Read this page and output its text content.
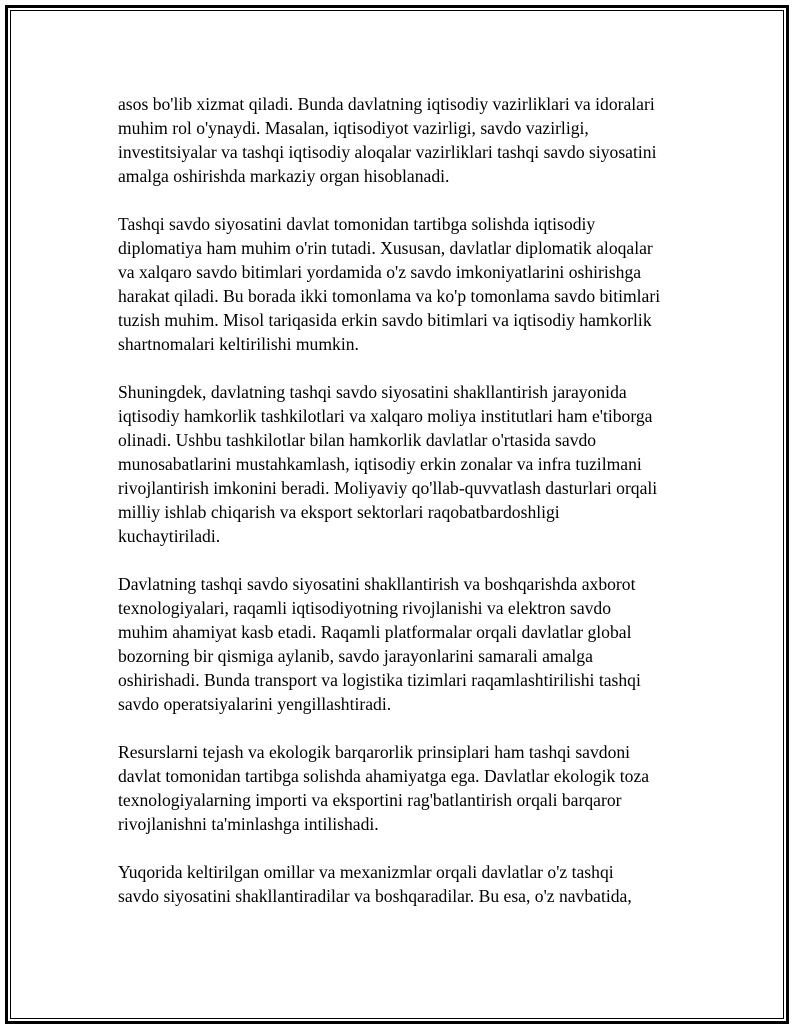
asos bo'lib xizmat qiladi. Bunda davlatning iqtisodiy vazirliklari va idoralari
muhim rol o'ynaydi. Masalan, iqtisodiyot vazirligi, savdo vazirligi,
investitsiyalar va tashqi iqtisodiy aloqalar vazirliklari tashqi savdo siyosatini
amalga oshirishda markaziy organ hisoblanadi.

Tashqi savdo siyosatini davlat tomonidan tartibga solishda iqtisodiy
diplomatiya ham muhim o'rin tutadi. Xususan, davlatlar diplomatik aloqalar
va xalqaro savdo bitimlari yordamida o'z savdo imkoniyatlarini oshirishga
harakat qiladi. Bu borada ikki tomonlama va ko'p tomonlama savdo bitimlari
tuzish muhim. Misol tariqasida erkin savdo bitimlari va iqtisodiy hamkorlik
shartnomalari keltirilishi mumkin.

Shuningdek, davlatning tashqi savdo siyosatini shakllantirish jarayonida
iqtisodiy hamkorlik tashkilotlari va xalqaro moliya institutlari ham e'tiborga
olinadi. Ushbu tashkilotlar bilan hamkorlik davlatlar o'rtasida savdo
munosabatlarini mustahkamlash, iqtisodiy erkin zonalar va infra tuzilmani
rivojlantirish imkonini beradi. Moliyaviy qo'llab-quvvatlash dasturlari orqali
milliy ishlab chiqarish va eksport sektorlari raqobatbardoshligi
kuchaytiriladi.

Davlatning tashqi savdo siyosatini shakllantirish va boshqarishda axborot
texnologiyalari, raqamli iqtisodiyotning rivojlanishi va elektron savdo
muhim ahamiyat kasb etadi. Raqamli platformalar orqali davlatlar global
bozorning bir qismiga aylanib, savdo jarayonlarini samarali amalga
oshirishadi. Bunda transport va logistika tizimlari raqamlashtirilishi tashqi
savdo operatsiyalarini yengillashtiradi.

Resurslarni tejash va ekologik barqarorlik prinsiplari ham tashqi savdoni
davlat tomonidan tartibga solishda ahamiyatga ega. Davlatlar ekologik toza
texnologiyalarning importi va eksportini rag'batlantirish orqali barqaror
rivojlanishni ta'minlashga intilishadi.

Yuqorida keltirilgan omillar va mexanizmlar orqali davlatlar o'z tashqi
savdo siyosatini shakllantiradilar va boshqaradilar. Bu esa, o'z navbatida,
